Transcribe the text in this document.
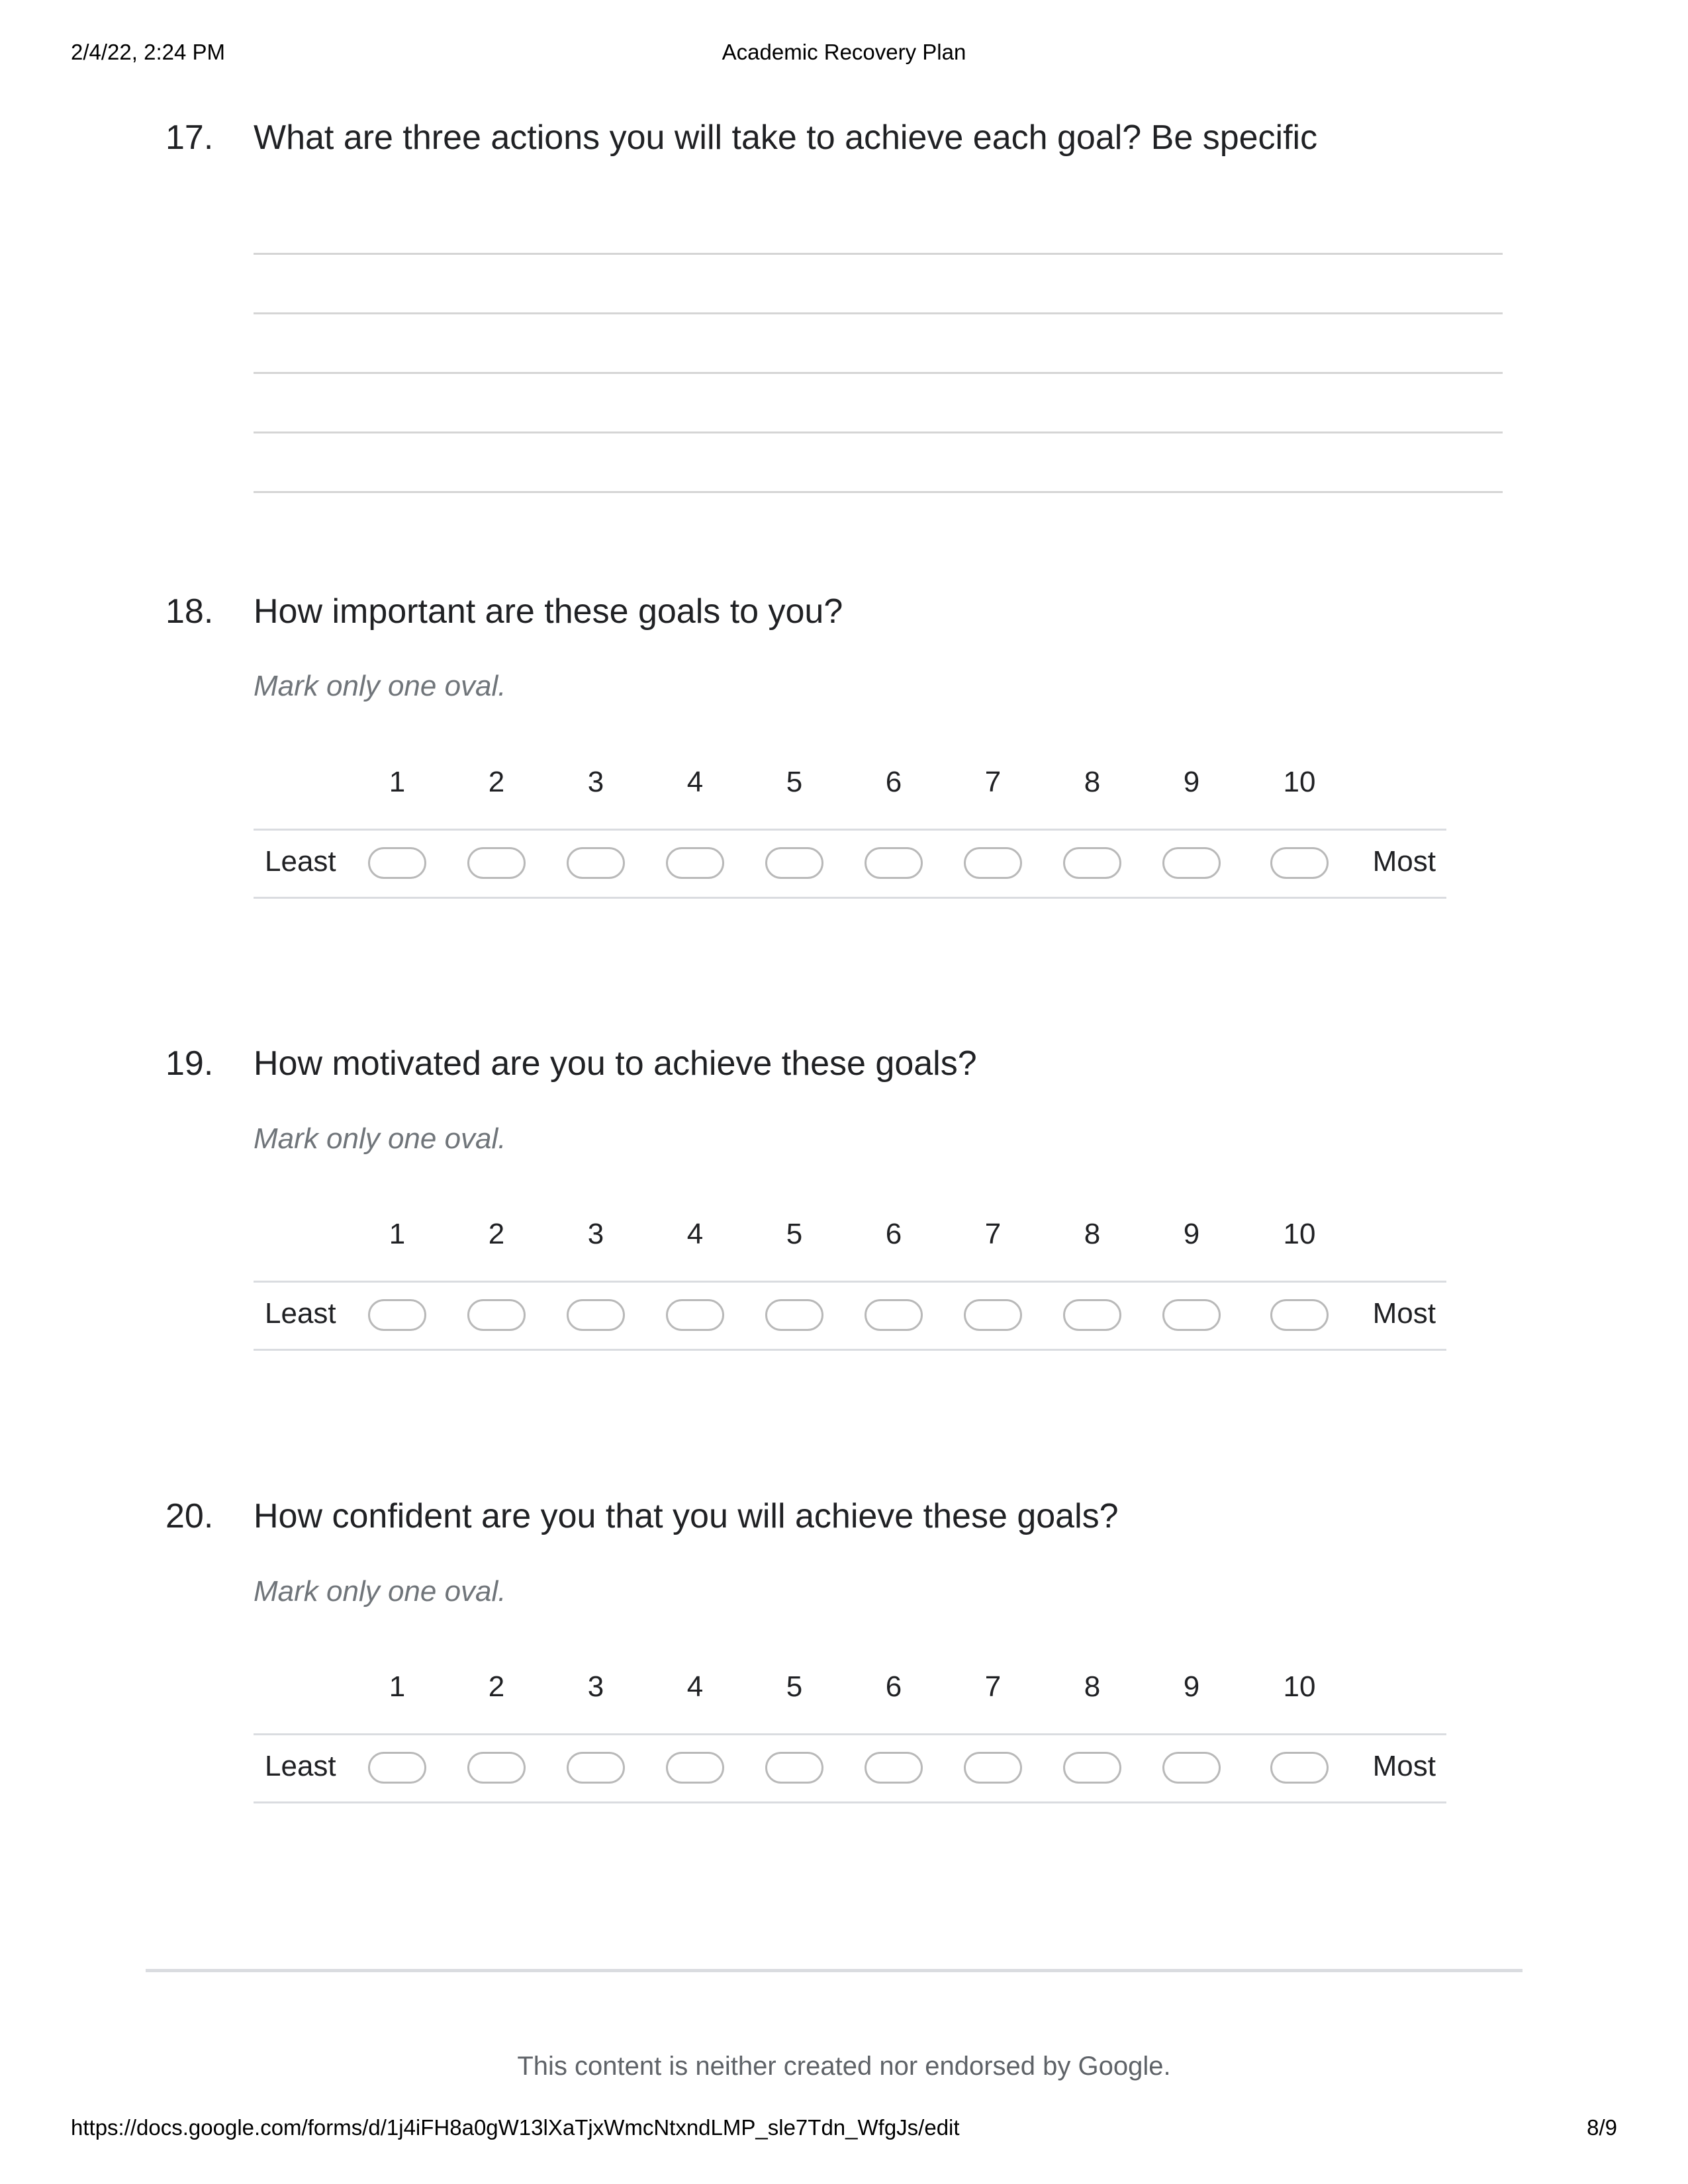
2/4/22, 2:24 PM	Academic Recovery Plan
17. What are three actions you will take to achieve each goal? Be specific
18. How important are these goals to you?
Mark only one oval.
1	2	3	4	5	6	7	8	9	10
Least	Most
19. How motivated are you to achieve these goals?
Mark only one oval.
1	2	3	4	5	6	7	8	9	10
Least	Most
20. How confident are you that you will achieve these goals?
Mark only one oval.
1	2	3	4	5	6	7	8	9	10
Least	Most
This content is neither created nor endorsed by Google.
https://docs.google.com/forms/d/1j4iFH8a0gW13lXaTjxWmcNtxndLMP_sle7Tdn_WfgJs/edit	8/9
